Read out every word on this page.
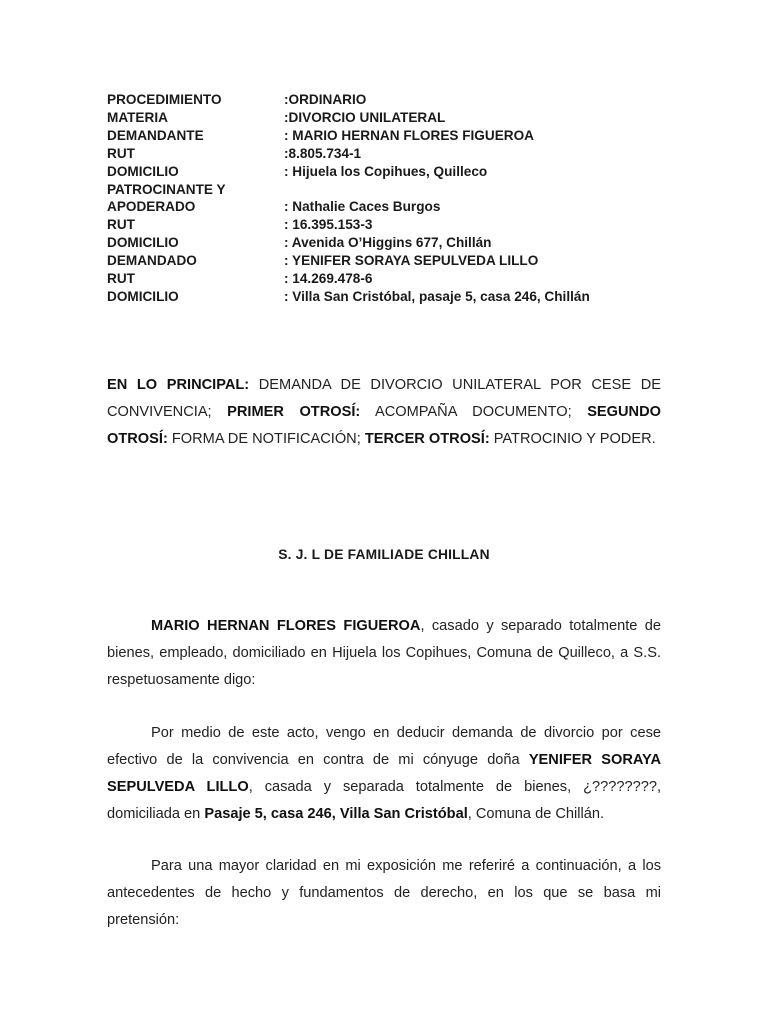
PROCEDIMIENTO	:ORDINARIO
MATERIA	:DIVORCIO UNILATERAL
DEMANDANTE	: MARIO HERNAN FLORES FIGUEROA
RUT	:8.805.734-1
DOMICILIO	: Hijuela los Copihues, Quilleco
PATROCINANTE Y
APODERADO	: Nathalie Caces Burgos
RUT	: 16.395.153-3
DOMICILIO	: Avenida O’Higgins 677, Chillán
DEMANDADO	: YENIFER SORAYA SEPULVEDA LILLO
RUT	: 14.269.478-6
DOMICILIO	: Villa San Cristóbal, pasaje 5, casa 246, Chillán
EN LO PRINCIPAL: DEMANDA DE DIVORCIO UNILATERAL POR CESE DE CONVIVENCIA; PRIMER OTROSÍ: ACOMPAÑA DOCUMENTO; SEGUNDO OTROSÍ: FORMA DE NOTIFICACIÓN; TERCER OTROSÍ: PATROCINIO Y PODER.
S. J. L DE FAMILIADE CHILLAN
MARIO HERNAN FLORES FIGUEROA, casado y separado totalmente de bienes, empleado, domiciliado en Hijuela los Copihues, Comuna de Quilleco, a S.S. respetuosamente digo:
Por medio de este acto, vengo en deducir demanda de divorcio por cese efectivo de la convivencia en contra de mi cónyuge doña YENIFER SORAYA SEPULVEDA LILLO, casada y separada totalmente de bienes, ¿????????, domiciliada en Pasaje 5, casa 246, Villa San Cristóbal, Comuna de Chillán.
Para una mayor claridad en mi exposición me referiré a continuación, a los antecedentes de hecho y fundamentos de derecho, en los que se basa mi pretensión:
